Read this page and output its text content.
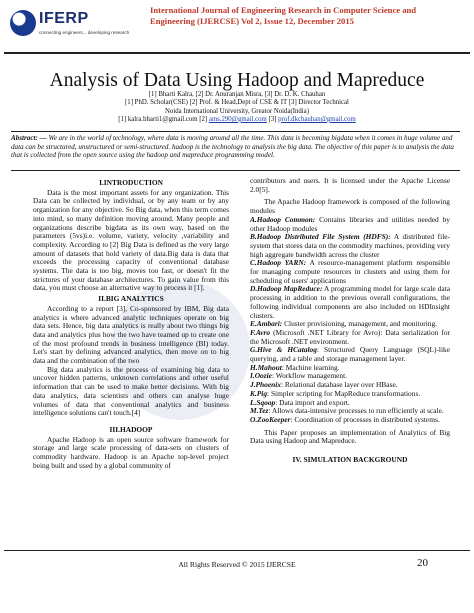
IFERP
connecting engineers... developing research
International Journal of Engineering Research in Computer Science and
Engineering (IJERCSE) Vol 2, Issue 12, December 2015
Analysis of Data Using Hadoop and Mapreduce
[1] Bharti Kalra, [2] Dr. Anuranjan Misra, [3] Dr. D. K. Chauhan
[1] PhD. Scholar(CSE) [2] Prof. & Head,Dept of CSE & IT [3] Director Technical
Noida International University, Greator Noida(India)
[1] kalra.bharti1@gmail.com [2] ams.290@gmail.com [3] prof.dkchauhan@gmail.com
Abstract: — We are in the world of technology, where data is moving around all the time. This data is becoming bigdata when it comes in huge volume and data can be structured, unstructured or semi-structured. hadoop is the technology to analysis the big data. The objective of this paper is to analysis the data that is collected from the open source using the hadoop and mapreduce programming model.
I.INTRODUCTION

Data is the most important assets for any organization. This Data can be collected by individual, or by any team or by any organization for any objective. So Big data, when this term comes into mind, so many definition moving around. Many people and organizations describe bigdata as its own way, based on the parameters (5vs)i.e. volume, variety, velocity ,variability and complexity. According to [2] Big Data is defined as the very large amount of datasets that hold variety of data.Big data is data that exceeds the processing capacity of conventional database systems. The data is too big, moves too fast, or doesn't fit the strictures of your database architectures. To gain value from this data, you must choose an alternative way to process it [1].

II.BIG ANALYTICS

According to a report [3], Co-sponsored by IBM, Big data analytics is where advanced analytic techniques operate on big data sets. Hence, big data analytics is really about two things big data and analytics plus how the two have teamed up to create one of the most profound trends in business intelligence (BI) today. Let's start by defining advanced analytics, then move on to big data and the combination of the two

Big data analytics is the process of examining big data to uncover hidden patterns, unknown correlations and other useful information that can be used to make better decisions. With big data analytics, data scientists and others can analyse huge volumes of data that conventional analytics and business intelligence solutions can't touch.[4]

III.HADOOP

Apache Hadoop is an open source software framework for storage and large scale processing of data-sets on clusters of commodity hardware. Hadoop is an Apache top-level project being built and used by a global community of

contributors and users. It is licensed under the Apache License 2.0[5].

The Apache Hadoop framework is composed of the following modules

A.Hadoop Common: Contains libraries and utilities needed by other Hadoop modules

B.Hadoop Distributed File System (HDFS): A distributed file-system that stores data on the commodity machines, providing very high aggregate bandwidth across the cluster

C.Hadoop YARN: A resource-management platform responsible for managing compute resources in clusters and using them for scheduling of users' applications

D.Hadoop MapReduce: A programming model for large scale data processing in addition to the previous overall configurations, the following individual components are also included on HDInsight clusters.

E.Ambari: Cluster provisioning, management, and monitoring.

F.Avro (Microsoft .NET Library for Avro): Data serialization for the Microsoft .NET environment.

G.Hive & HCatalog: Structured Query Language (SQL)-like querying, and a table and storage management layer.

H.Mahout: Machine learning.

I.Oozie: Workflow management.

J.Phoenix: Relational database layer over HBase.

K.Pig: Simpler scripting for MapReduce transformations.

L.Sqoop: Data import and export.

M.Tez: Allows data-intensive processes to run efficiently at scale.

O.ZooKeeper: Coordination of processes in distributed systems.

This Paper proposes an implementation of Analytics of Big Data using Hadoop and Mapreduce.

IV. SIMULATION BACKGROUND
All Rights Reserved © 2015 IJERCSE	20
